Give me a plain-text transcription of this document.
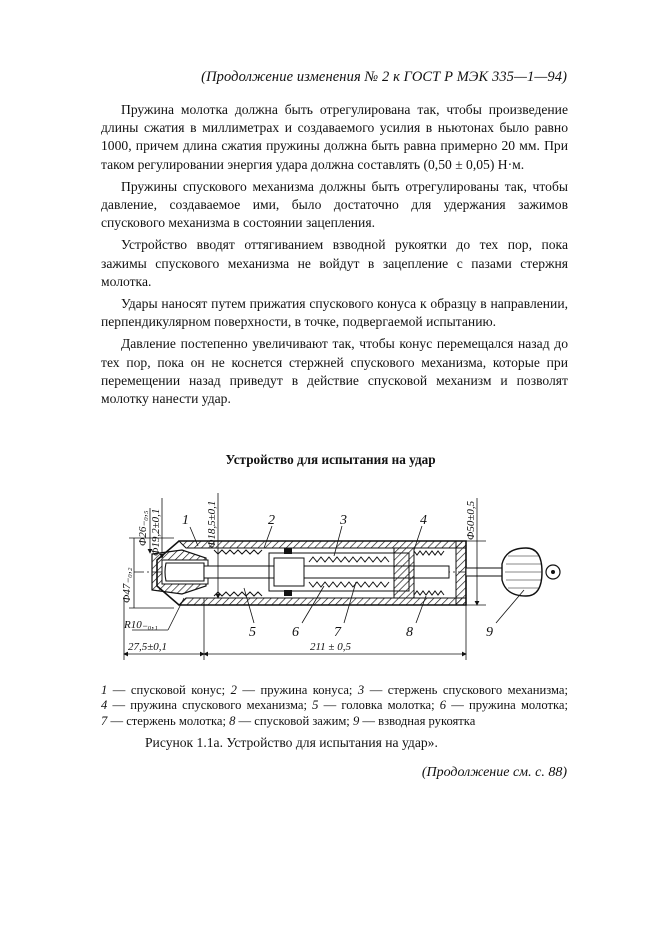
(Продолжение изменения № 2 к ГОСТ Р МЭК 335—1—94)

Пружина молотка должна быть отрегулирована так, чтобы произведение длины сжатия в миллиметрах и создаваемого усилия в ньютонах было равно 1000, причем длина сжатия пружины должна быть равна примерно 20 мм. При таком регулировании энергия удара должна составлять (0,50 ± 0,05) Н·м.

Пружины спускового механизма должны быть отрегулированы так, чтобы давление, создаваемое ими, было достаточно для удержания зажимов спускового механизма в состоянии зацепления.

Устройство вводят оттягиванием взводной рукоятки до тех пор, пока зажимы спускового механизма не войдут в зацепление с пазами стержня молотка.

Удары наносят путем прижатия спускового конуса к образцу в направлении, перпендикулярном поверхности, в точке, подвергаемой испытанию.

Давление постепенно увеличивают так, чтобы конус перемещался назад до тех пор, пока он не коснется стержней спускового механизма, которые при перемещении назад приведут в действие спусковой механизм и позволят молотку нанести удар.

Устройство для испытания на удар
Φ26₋₀,₅ Φ19,2±0,1	Φ18,5±0,1	Φ50±0,5
Φ47₋₀,₂
R10₋₀,₁
27,5±0,1	211 ± 0,5
1	2	3	4
5	6	7	8	9
1 — спусковой конус; 2 — пружина конуса; 3 — стержень спускового механизма;
4 — пружина спускового механизма; 5 — головка молотка; 6 — пружина молотка;
7 — стержень молотка; 8 — спусковой зажим; 9 — взводная рукоятка
Рисунок 1.1а. Устройство для испытания на удар».
(Продолжение см. с. 88)
